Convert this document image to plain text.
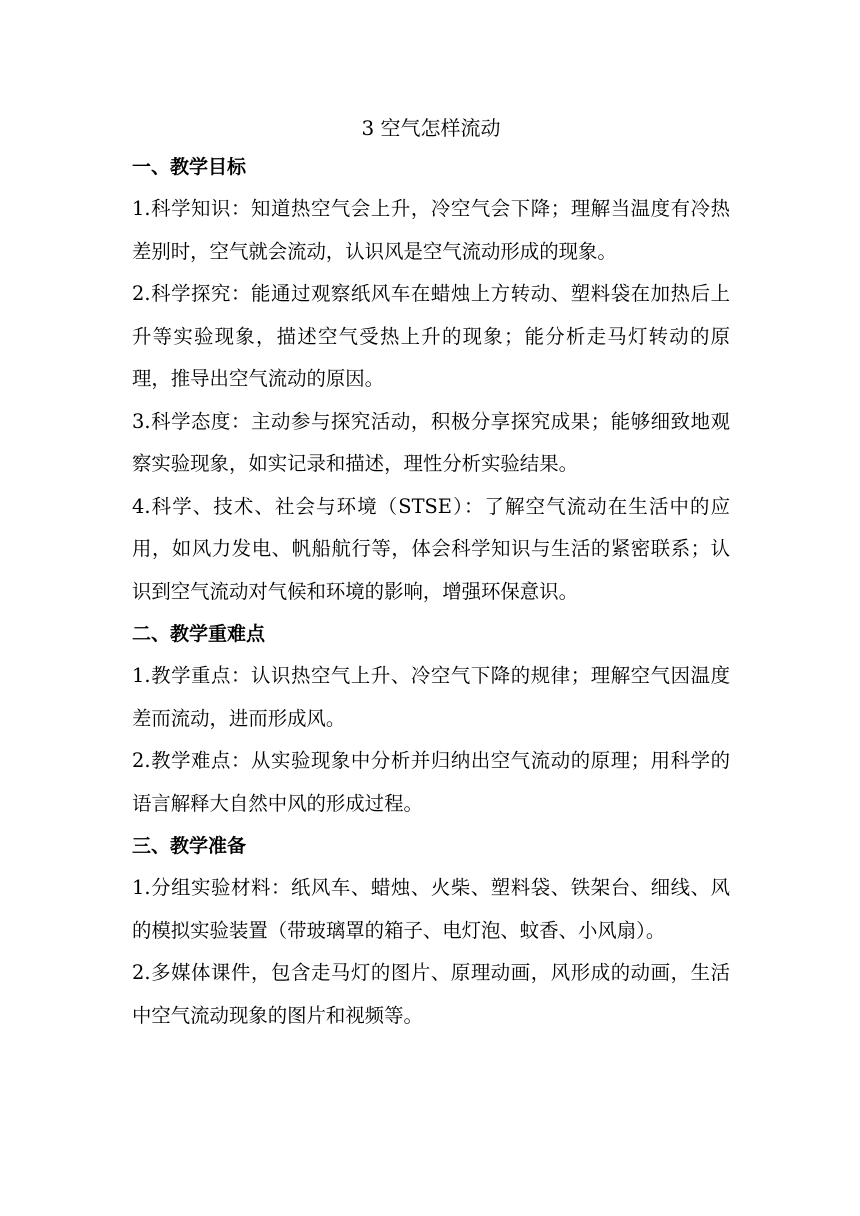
3 空气怎样流动
一、教学目标

1.科学知识：知道热空气会上升，冷空气会下降；理解当温度有冷热差别时，空气就会流动，认识风是空气流动形成的现象。

2.科学探究：能通过观察纸风车在蜡烛上方转动、塑料袋在加热后上升等实验现象，描述空气受热上升的现象；能分析走马灯转动的原理，推导出空气流动的原因。

3.科学态度：主动参与探究活动，积极分享探究成果；能够细致地观察实验现象，如实记录和描述，理性分析实验结果。

4.科学、技术、社会与环境（STSE）：了解空气流动在生活中的应用，如风力发电、帆船航行等，体会科学知识与生活的紧密联系；认识到空气流动对气候和环境的影响，增强环保意识。

二、教学重难点

1.教学重点：认识热空气上升、冷空气下降的规律；理解空气因温度差而流动，进而形成风。

2.教学难点：从实验现象中分析并归纳出空气流动的原理；用科学的语言解释大自然中风的形成过程。

三、教学准备

1.分组实验材料：纸风车、蜡烛、火柴、塑料袋、铁架台、细线、风的模拟实验装置（带玻璃罩的箱子、电灯泡、蚊香、小风扇）。

2.多媒体课件，包含走马灯的图片、原理动画，风形成的动画，生活中空气流动现象的图片和视频等。
